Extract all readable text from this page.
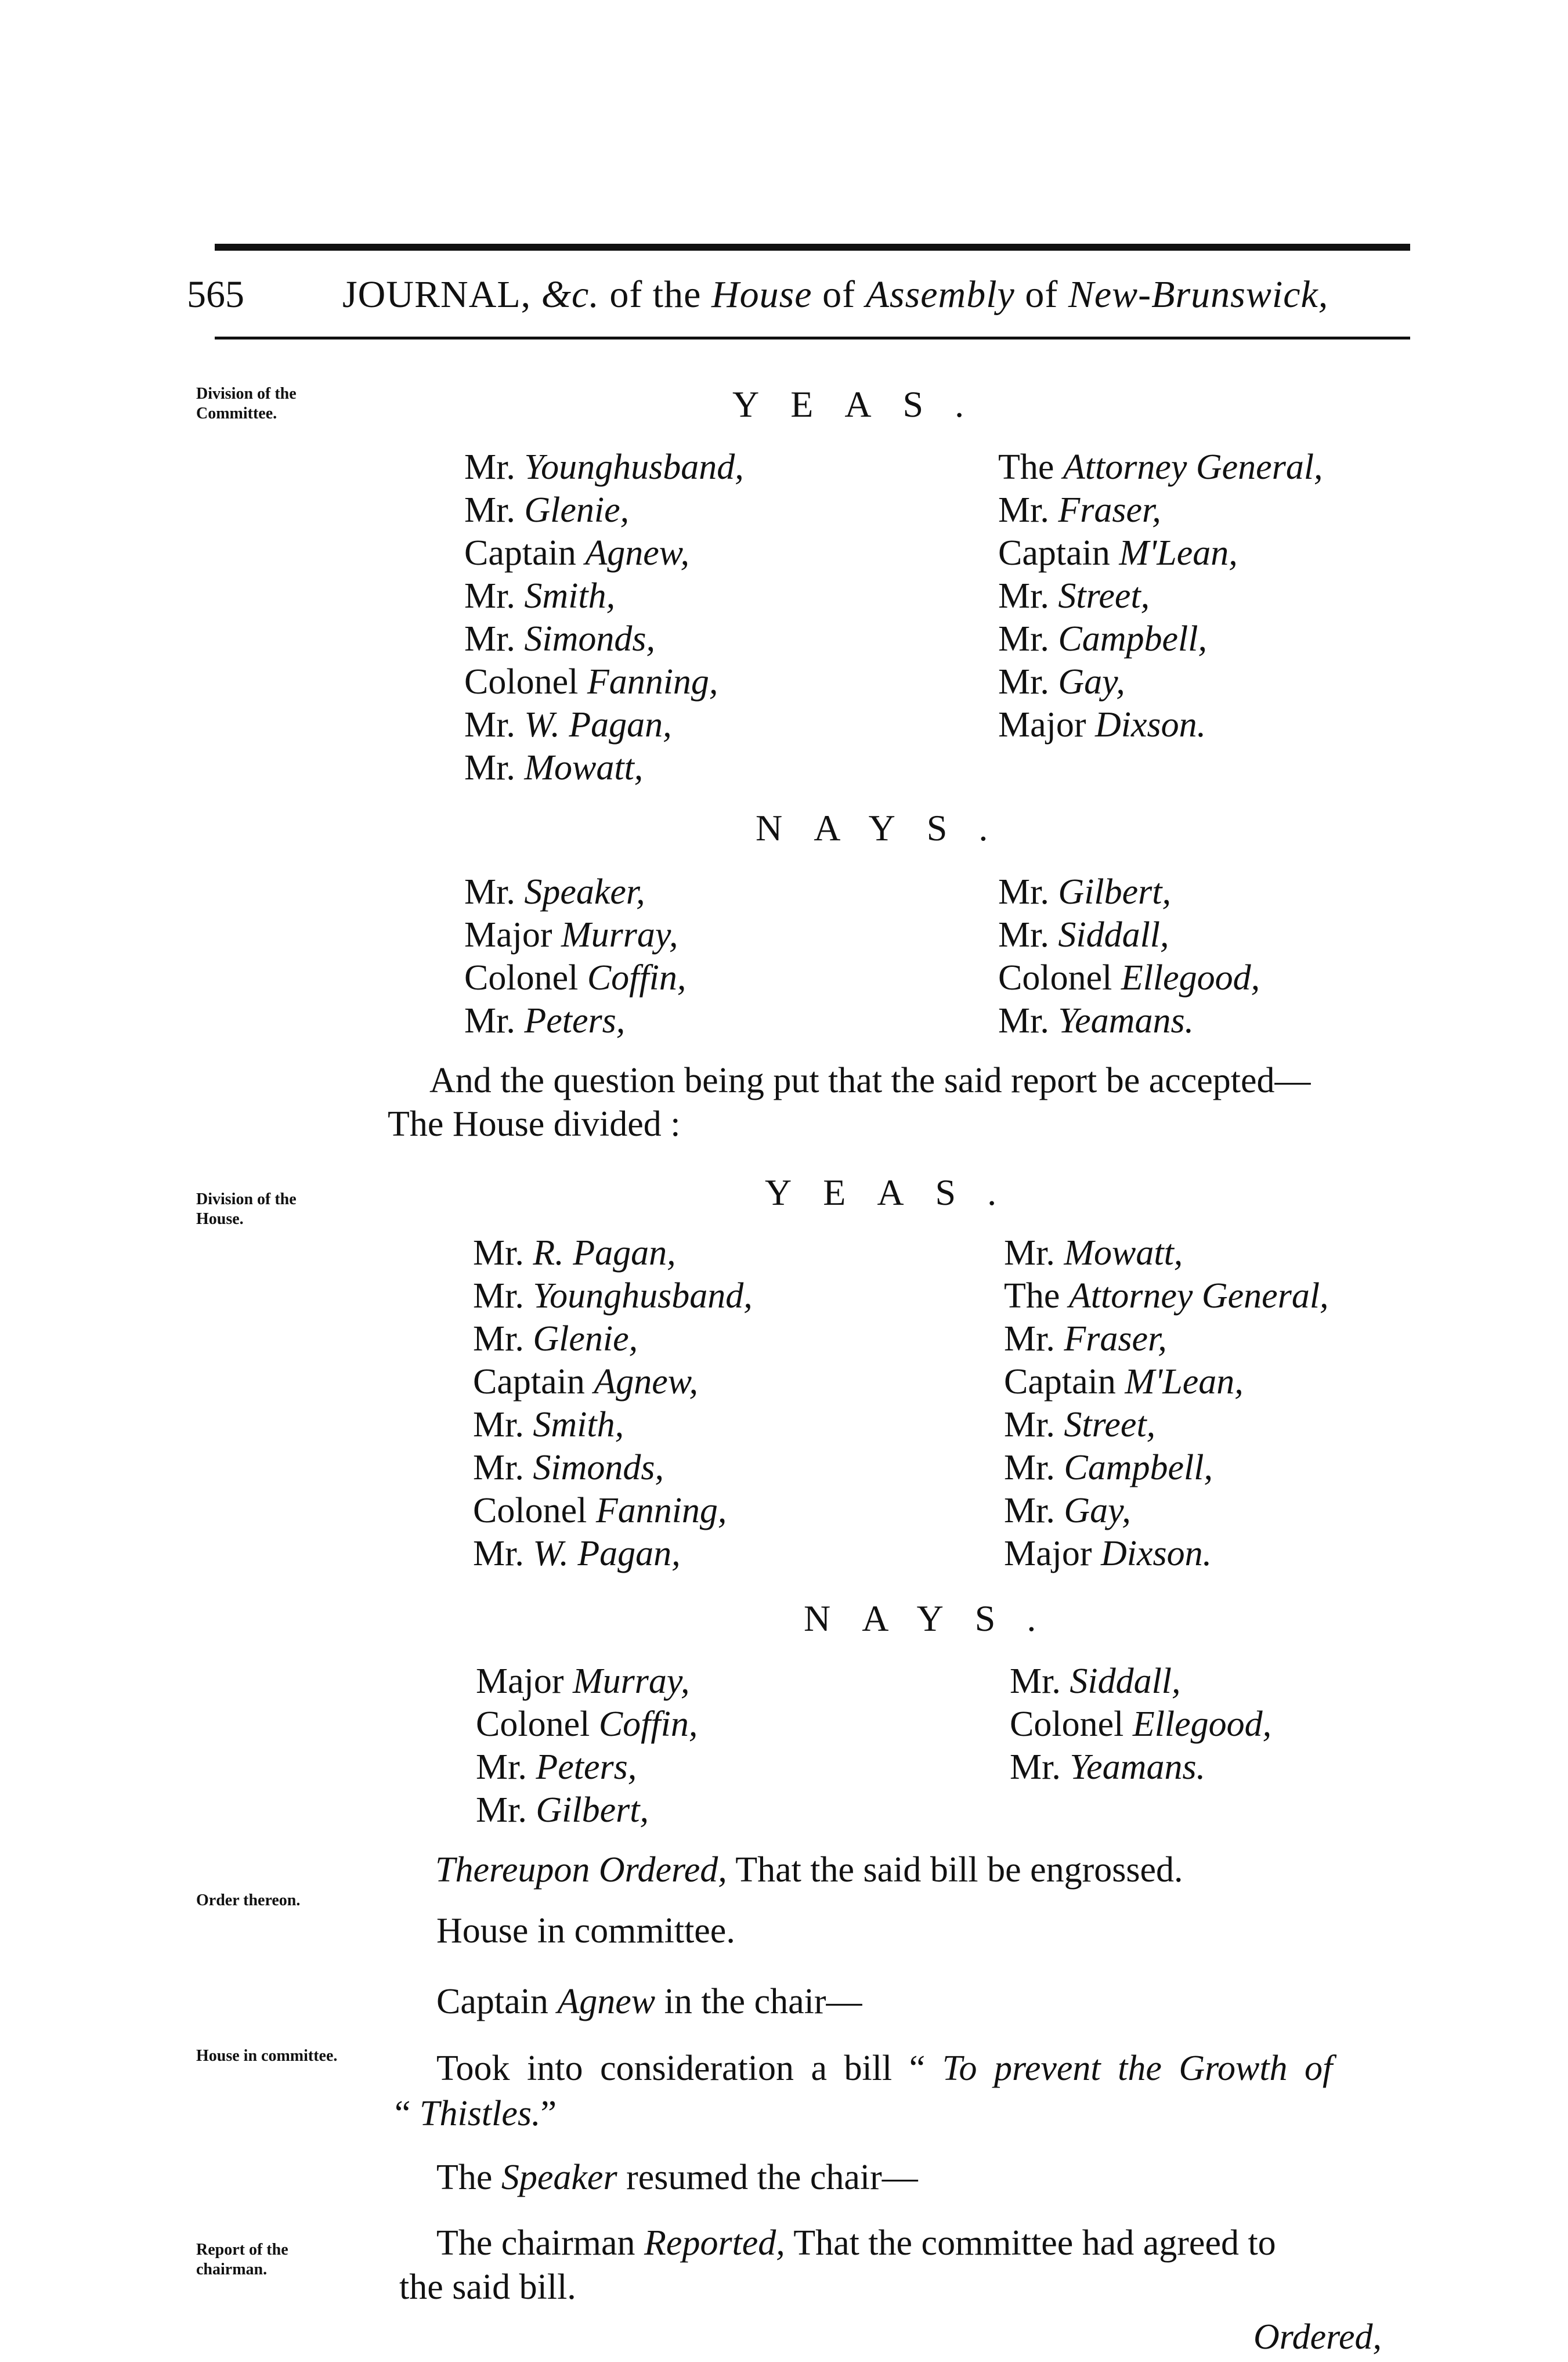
565	JOURNAL, &c. of the House of Assembly of New-Brunswick,
Division of the Committee.
Division of the House.
Order thereon.
House in committee.
Report of the chairman.
YEAS.
Mr. Younghusband,
Mr. Glenie,
Captain Agnew,
Mr. Smith,
Mr. Simonds,
Colonel Fanning,
Mr. W. Pagan,
Mr. Mowatt,
The Attorney General,
Mr. Fraser,
Captain M'Lean,
Mr. Street,
Mr. Campbell,
Mr. Gay,
Major Dixson.
NAYS.
Mr. Speaker,
Major Murray,
Colonel Coffin,
Mr. Peters,
Mr. Gilbert,
Mr. Siddall,
Colonel Ellegood,
Mr. Yeamans.
And the question being put that the said report be accepted—
The House divided :
YEAS.
Mr. R. Pagan,
Mr. Younghusband,
Mr. Glenie,
Captain Agnew,
Mr. Smith,
Mr. Simonds,
Colonel Fanning,
Mr. W. Pagan,
Mr. Mowatt,
The Attorney General,
Mr. Fraser,
Captain M'Lean,
Mr. Street,
Mr. Campbell,
Mr. Gay,
Major Dixson.
NAYS.
Major Murray,
Colonel Coffin,
Mr. Peters,
Mr. Gilbert,
Mr. Siddall,
Colonel Ellegood,
Mr. Yeamans.
Thereupon Ordered, That the said bill be engrossed.
House in committee.
Captain Agnew in the chair—
Took into consideration a bill “ To prevent the Growth of
“ Thistles.”
The Speaker resumed the chair—
The chairman Reported, That the committee had agreed to
the said bill.
Ordered,
